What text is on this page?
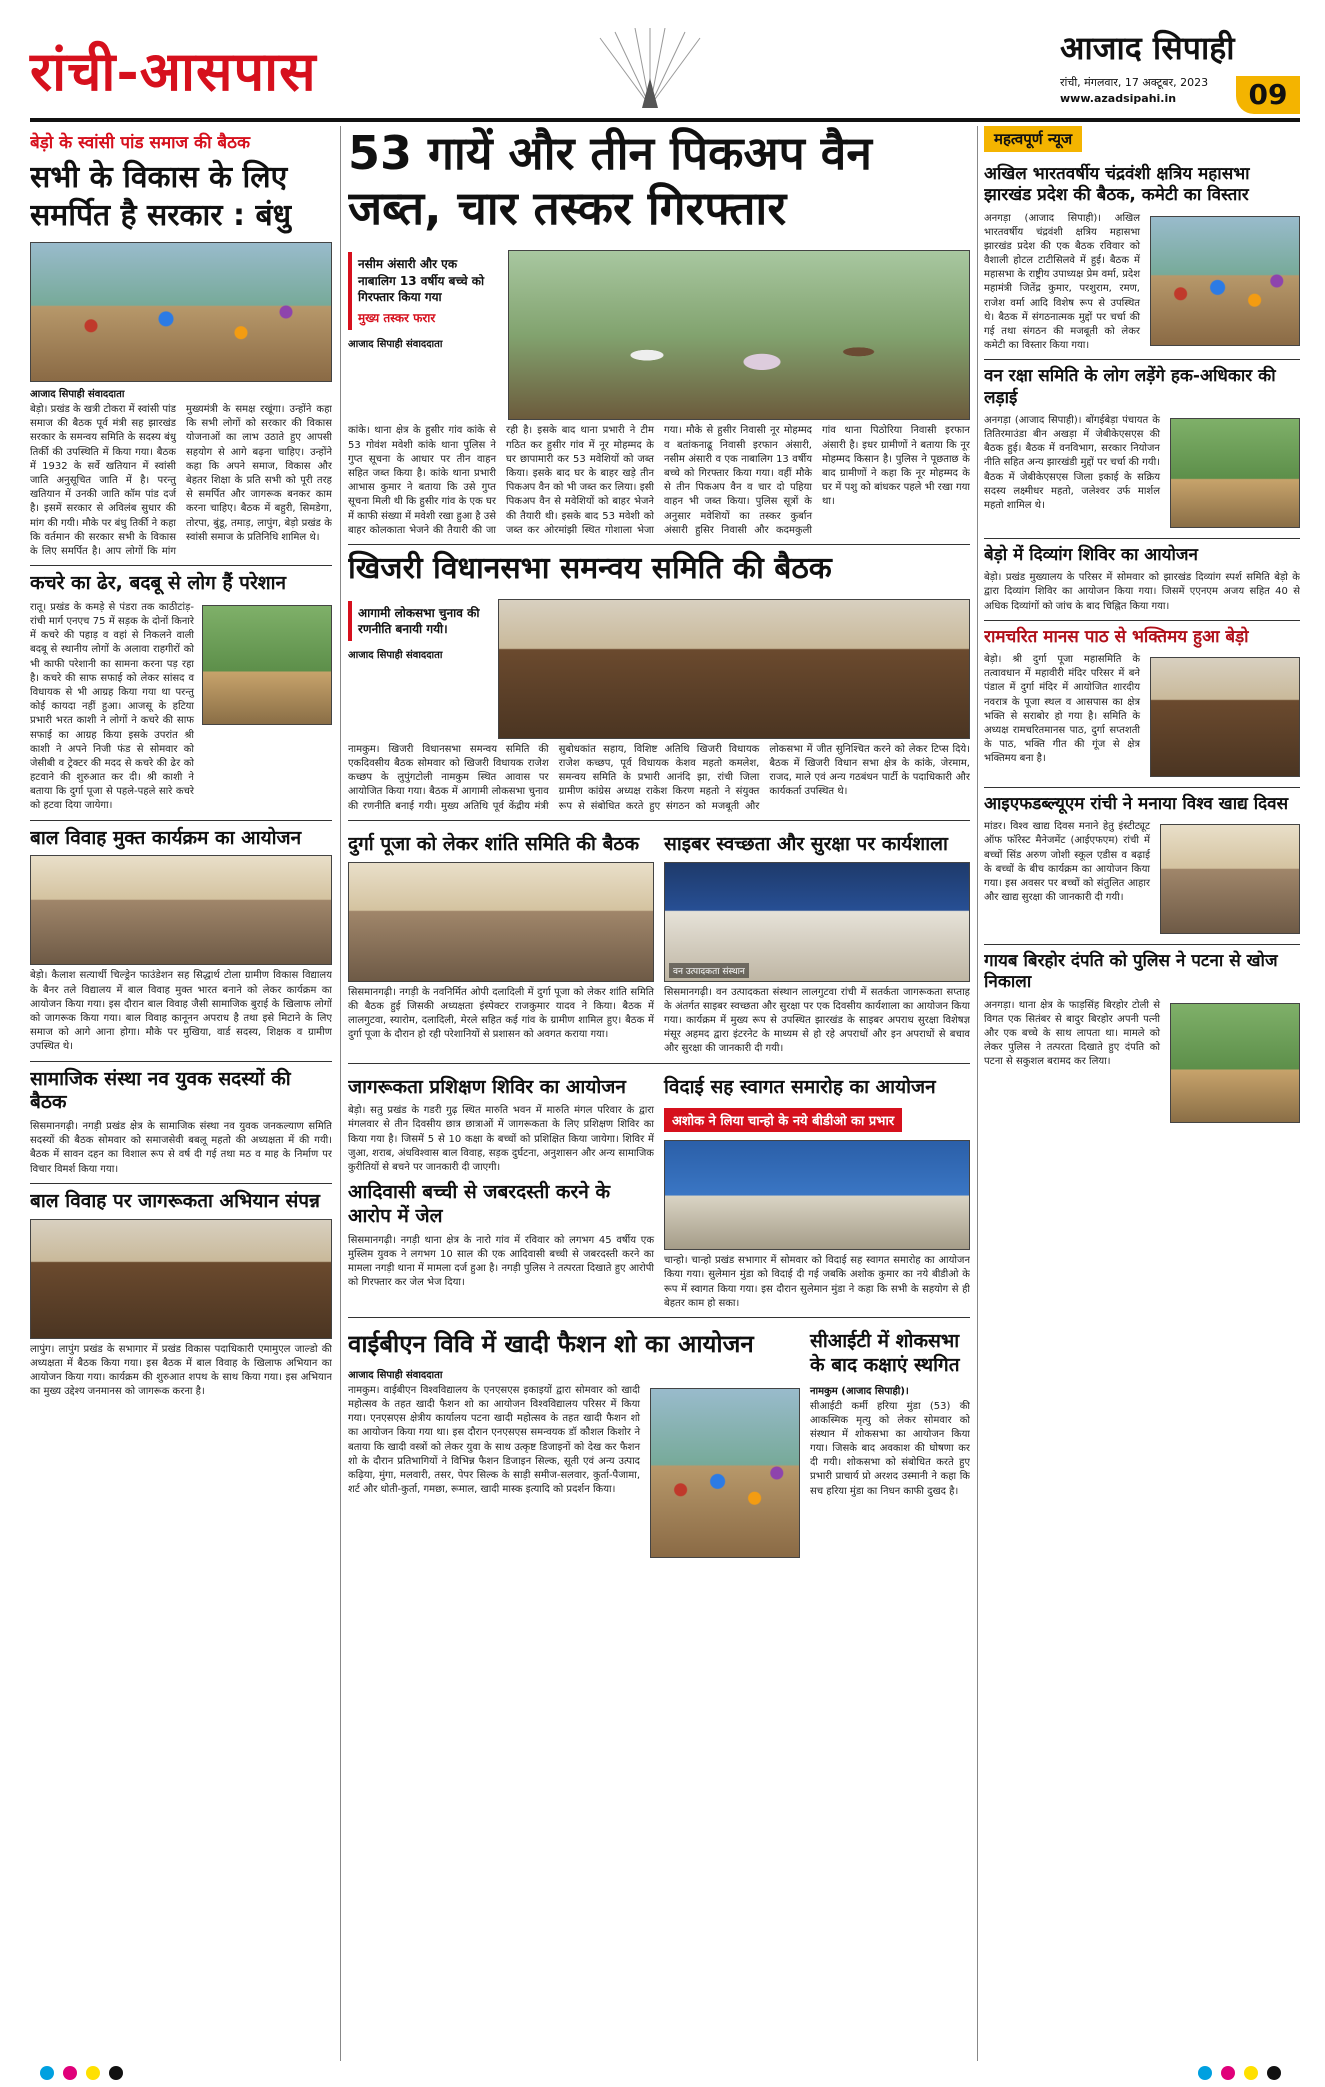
रांची-आसपास	आजाद सिपाही
रांची, मंगलवार, 17 अक्टूबर, 2023
www.azadsipahi.in	09
बेड़ो के स्वांसी पांड समाज की बैठक
सभी के विकास के लिए समर्पित है सरकार : बंधु
आजाद सिपाही संवाददाता
बेड़ो। प्रखंड के खत्री टोकरा में स्वांसी पांड समाज की बैठक पूर्व मंत्री सह झारखंड सरकार के समन्वय समिति के सदस्य बंधु तिर्की की उपस्थिति में किया गया। बैठक में 1932 के सर्वे खतियान में स्वांसी जाति अनुसूचित जाति में है। परन्तु खतियान में उनकी जाति कॉम पांड दर्ज है। इसमें सरकार से अविलंब सुधार की मांग की गयी। मौके पर बंधु तिर्की ने कहा कि वर्तमान की सरकार सभी के विकास के लिए समर्पित है। आप लोगों कि मांग मुख्यमंत्री के समक्ष रखूंगा। उन्होंने कहा कि सभी लोगों को सरकार की विकास योजनाओं का लाभ उठाते हुए आपसी सहयोग से आगे बढ़ना चाहिए। उन्होंने कहा कि अपने समाज, विकास और बेहतर शिक्षा के प्रति सभी को पूरी तरह से समर्पित और जागरूक बनकर काम करना चाहिए। बैठक में बहुरी, सिमडेगा, तोरपा, बुंडू, तमाड़, लापुंग, बेड़ो प्रखंड के स्वांसी समाज के प्रतिनिधि शामिल थे।
कचरे का ढेर, बदबू से लोग हैं परेशान
रातू। प्रखंड के कमड़े से पंडरा तक काठीटांड़- रांची मार्ग एनएच 75 में सड़क के दोनों किनारे में कचरे की पहाड़ व वहां से निकलने वाली बदबू से स्थानीय लोगों के अलावा राहगीरों को भी काफी परेशानी का सामना करना पड़ रहा है। कचरे की साफ सफाई को लेकर सांसद व विधायक से भी आग्रह किया गया था परन्तु कोई कायदा नहीं हुआ। आजसू के हटिया प्रभारी भरत काशी ने लोगों ने कचरे की साफ सफाई का आग्रह किया इसके उपरांत श्री काशी ने अपने निजी फंड से सोमवार को जेसीबी व ट्रेक्टर की मदद से कचरे की ढेर को हटवाने की शुरुआत कर दी। श्री काशी ने बताया कि दुर्गा पूजा से पहले-पहले सारे कचरे को हटवा दिया जायेगा।
बाल विवाह मुक्त कार्यक्रम का आयोजन
बेड़ो। कैलाश सत्यार्थी चिल्ड्रेन फाउंडेशन सह सिद्धार्थ टोला ग्रामीण विकास विद्यालय के बैनर तले विद्यालय में बाल विवाह मुक्त भारत बनाने को लेकर कार्यक्रम का आयोजन किया गया। इस दौरान बाल विवाह जैसी सामाजिक बुराई के खिलाफ लोगों को जागरूक किया गया। बाल विवाह कानूनन अपराध है तथा इसे मिटाने के लिए समाज को आगे आना होगा। मौके पर मुखिया, वार्ड सदस्य, शिक्षक व ग्रामीण उपस्थित थे।
सामाजिक संस्था नव युवक सदस्यों की बैठक
सिसमानगढ़ी। नगड़ी प्रखंड क्षेत्र के सामाजिक संस्था नव युवक जनकल्याण समिति सदस्यों की बैठक सोमवार को समाजसेवी बबलू महतो की अध्यक्षता में की गयी। बैठक में सावन दहन का विशाल रूप से वर्ष दी गई तथा मठ व माह के निर्माण पर विचार विमर्श किया गया।
बाल विवाह पर जागरूकता अभियान संपन्न
लापुंग। लापुंग प्रखंड के सभागार में प्रखंड विकास पदाधिकारी एमामुएल जाल्डो की अध्यक्षता में बैठक किया गया। इस बैठक में बाल विवाह के खिलाफ अभियान का आयोजन किया गया। कार्यक्रम की शुरुआत शपथ के साथ किया गया। इस अभियान का मुख्य उद्देश्य जनमानस को जागरूक करना है।
53 गायें और तीन पिकअप वैन जब्त, चार तस्कर गिरफ्तार

नसीम अंसारी और एक नाबालिग 13 वर्षीय बच्चे को गिरफ्तार किया गया

मुख्य तस्कर फरार
आजाद सिपाही संवाददाता
कांके। थाना क्षेत्र के हुसीर गांव कांके से 53 गोवंश मवेशी कांके थाना पुलिस ने गुप्त सूचना के आधार पर तीन वाहन सहित जब्त किया है। कांके थाना प्रभारी आभास कुमार ने बताया कि उसे गुप्त सूचना मिली थी कि हुसीर गांव के एक घर में काफी संख्या में मवेशी रखा हुआ है उसे बाहर कोलकाता भेजने की तैयारी की जा रही है। इसके बाद थाना प्रभारी ने टीम गठित कर हुसीर गांव में नूर मोहम्मद के घर छापामारी कर 53 मवेशियों को जब्त किया। इसके बाद घर के बाहर खड़े तीन पिकअप वैन को भी जब्त कर लिया। इसी पिकअप वैन से मवेशियों को बाहर भेजने की तैयारी थी। इसके बाद 53 मवेशी को जब्त कर ओरमांझी स्थित गोशाला भेजा गया। मौके से हुसीर निवासी नूर मोहम्मद व बतांकनाढू निवासी इरफान अंसारी, नसीम अंसारी व एक नाबालिग 13 वर्षीय बच्चे को गिरफ्तार किया गया। वहीं मौके से तीन पिकअप वैन व चार दो पहिया वाहन भी जब्त किया। पुलिस सूत्रों के अनुसार मवेशियों का तस्कर कुर्बान अंसारी हुसिर निवासी और कदमकुली गांव थाना पिठोरिया निवासी इरफान अंसारी है। इधर ग्रामीणों ने बताया कि नूर मोहम्मद किसान है। पुलिस ने पूछताछ के बाद ग्रामीणों ने कहा कि नूर मोहम्मद के घर में पशु को बांधकर पहले भी रखा गया था।
खिजरी विधानसभा समन्वय समिति की बैठक

आगामी लोकसभा चुनाव की रणनीति बनायी गयी।

आजाद सिपाही संवाददाता
नामकुम। खिजरी विधानसभा समन्वय समिति की एकदिवसीय बैठक सोमवार को खिजरी विधायक राजेश कच्छप के लुपुंगटोली नामकुम स्थित आवास पर आयोजित किया गया। बैठक में आगामी लोकसभा चुनाव की रणनीति बनाई गयी। मुख्य अतिथि पूर्व केंद्रीय मंत्री सुबोधकांत सहाय, विशिष्ट अतिथि खिजरी विधायक राजेश कच्छप, पूर्व विधायक केशव महतो कमलेश, समन्वय समिति के प्रभारी आनंदि झा, रांची जिला ग्रामीण कांग्रेस अध्यक्ष राकेश किरण महतो ने संयुक्त रूप से संबोधित करते हुए संगठन को मजबूती और लोकसभा में जीत सुनिश्चित करने को लेकर टिप्स दिये। बैठक में खिजरी विधान सभा क्षेत्र के कांके, जेरमाम, राजद, माले एवं अन्य गठबंधन पार्टी के पदाधिकारी और कार्यकर्ता उपस्थित थे।
दुर्गा पूजा को लेकर शांति समिति की बैठक
सिसमानगढ़ी। नगड़ी के नवनिर्मित ओपी दलादिली में दुर्गा पूजा को लेकर शांति समिति की बैठक हुई जिसकी अध्यक्षता इंस्पेक्टर राजकुमार यादव ने किया। बैठक में लालगुटवा, स्यारोम, दलादिली, मेरले सहित कई गांव के ग्रामीण शामिल हुए। बैठक में दुर्गा पूजा के दौरान हो रही परेशानियों से प्रशासन को अवगत कराया गया।
साइबर स्वच्छता और सुरक्षा पर कार्यशाला
वन उत्पादकता संस्थान
सिसमानगढ़ी। वन उत्पादकता संस्थान लालगुटवा रांची में सतर्कता जागरूकता सप्ताह के अंतर्गत साइबर स्वच्छता और सुरक्षा पर एक दिवसीय कार्यशाला का आयोजन किया गया। कार्यक्रम में मुख्य रूप से उपस्थित झारखंड के साइबर अपराध सुरक्षा विशेषज्ञ मंसूर अहमद द्वारा इंटरनेट के माध्यम से हो रहे अपराधों और इन अपराधों से बचाव और सुरक्षा की जानकारी दी गयी।
जागरूकता प्रशिक्षण शिविर का आयोजन
बेड़ो। सतु प्रखंड के गडरी गुढ़ स्थित मारुति भवन में मारुति मंगल परिवार के द्वारा मंगलवार से तीन दिवसीय छात्र छात्राओं में जागरूकता के लिए प्रशिक्षण शिविर का किया गया है। जिसमें 5 से 10 कक्षा के बच्चों को प्रशिक्षित किया जायेगा। शिविर में जुआ, शराब, अंधविश्वास बाल विवाह, सड़क दुर्घटना, अनुशासन और अन्य सामाजिक कुरीतियों से बचने पर जानकारी दी जाएगी।
आदिवासी बच्ची से जबरदस्ती करने के आरोप में जेल
सिसमानगढ़ी। नगड़ी थाना क्षेत्र के नारो गांव में रविवार को लगभग 45 वर्षीय एक मुस्लिम युवक ने लगभग 10 साल की एक आदिवासी बच्ची से जबरदस्ती करने का मामला नगड़ी थाना में मामला दर्ज हुआ है। नगड़ी पुलिस ने तत्परता दिखाते हुए आरोपी को गिरफ्तार कर जेल भेज दिया।
विदाई सह स्वागत समारोह का आयोजन
अशोक ने लिया चान्हो के नये बीडीओ का प्रभार
चान्हो। चान्हो प्रखंड सभागार में सोमवार को विदाई सह स्वागत समारोह का आयोजन किया गया। सुलेमान मुंडा को विदाई दी गई जबकि अशोक कुमार का नये बीडीओ के रूप में स्वागत किया गया। इस दौरान सुलेमान मुंडा ने कहा कि सभी के सहयोग से ही बेहतर काम हो सका।
वाईबीएन विवि में खादी फैशन शो का आयोजन
आजाद सिपाही संवाददाता
नामकुम। वाईबीएन विश्वविद्यालय के एनएसएस इकाइयों द्वारा सोमवार को खादी महोत्सव के तहत खादी फैशन शो का आयोजन विश्वविद्यालय परिसर में किया गया। एनएसएस क्षेत्रीय कार्यालय पटना खादी महोत्सव के तहत खादी फैशन शो का आयोजन किया गया था। इस दौरान एनएसएस समन्वयक डॉ कौशल किशोर ने बताया कि खादी वस्त्रों को लेकर युवा के साथ उत्कृष्ट डिजाइनों को देख कर फैशन शो के दौरान प्रतिभागियों ने विभिन्न फैशन डिजाइन सिल्क, सूती एवं अन्य उत्पाद कढ़िया, मुंगा, मलवारी, तसर, पेपर सिल्क के साड़ी समीज-सलवार, कुर्ता-पैजामा, शर्ट और धोती-कुर्ता, गमछा, रूमाल, खादी मास्क इत्यादि को प्रदर्शन किया।
सीआईटी में शोकसभा के बाद कक्षाएं स्थगित
नामकुम (आजाद सिपाही)।
सीआईटी कर्मी हरिया मुंडा (53) की आकस्मिक मृत्यु को लेकर सोमवार को संस्थान में शोकसभा का आयोजन किया गया। जिसके बाद अवकाश की घोषणा कर दी गयी। शोकसभा को संबोधित करते हुए प्रभारी प्राचार्य प्रो अरशद उस्मानी ने कहा कि सच हरिया मुंडा का निधन काफी दुखद है।
महत्वपूर्ण न्यूज
अखिल भारतवर्षीय चंद्रवंशी क्षत्रिय महासभा झारखंड प्रदेश की बैठक, कमेटी का विस्तार
अनगड़ा (आजाद सिपाही)। अखिल भारतवर्षीय चंद्रवंशी क्षत्रिय महासभा झारखंड प्रदेश की एक बैठक रविवार को वैशाली होटल टाटीसिलवे में हुई। बैठक में महासभा के राष्ट्रीय उपाध्यक्ष प्रेम वर्मा, प्रदेश महामंत्री जितेंद्र कुमार, परशुराम, रमण, राजेश वर्मा आदि विशेष रूप से उपस्थित थे। बैठक में संगठनात्मक मुद्दों पर चर्चा की गई तथा संगठन की मजबूती को लेकर कमेटी का विस्तार किया गया।
वन रक्षा समिति के लोग लड़ेंगे हक-अधिकार की लड़ाई
अनगड़ा (आजाद सिपाही)। बोंगईबेड़ा पंचायत के तितिरमाउंडा बीन अखड़ा में जेबीकेएसएस की बैठक हुई। बैठक में वनविभाग, सरकार नियोजन नीति सहित अन्य झारखंडी मुद्दों पर चर्चा की गयी। बैठक में जेबीकेएसएस जिला इकाई के सक्रिय सदस्य लक्ष्मीधर महतो, जलेश्वर उर्फ मार्शल महतो शामिल थे।
बेड़ो में दिव्यांग शिविर का आयोजन
बेड़ो। प्रखंड मुख्यालय के परिसर में सोमवार को झारखंड दिव्यांग स्पर्श समिति बेड़ो के द्वारा दिव्यांग शिविर का आयोजन किया गया। जिसमें एएनएम अजय सहित 40 से अधिक दिव्यांगों को जांच के बाद चिह्नित किया गया।
रामचरित मानस पाठ से भक्तिमय हुआ बेड़ो
बेड़ो। श्री दुर्गा पूजा महासमिति के तत्वावधान में महावीरी मंदिर परिसर में बने पंडाल में दुर्गा मंदिर में आयोजित शारदीय नवरात्र के पूजा स्थल व आसपास का क्षेत्र भक्ति से सराबोर हो गया है। समिति के अध्यक्ष रामचरितमानस पाठ, दुर्गा सप्तशती के पाठ, भक्ति गीत की गूंज से क्षेत्र भक्तिमय बना है।
आइएफडब्ल्यूएम रांची ने मनाया विश्व खाद्य दिवस
मांडर। विश्व खाद्य दिवस मनाने हेतु इंस्टीट्यूट ऑफ फॉरेस्ट मैनेजमेंट (आईएफएम) रांची में बच्चों सिंड अरुण जोशी स्कूल एडीस व बढ़ाई के बच्चों के बीच कार्यक्रम का आयोजन किया गया। इस अवसर पर बच्चों को संतुलित आहार और खाद्य सुरक्षा की जानकारी दी गयी।
गायब बिरहोर दंपति को पुलिस ने पटना से खोज निकाला
अनगड़ा। थाना क्षेत्र के फाड़सिंह बिरहोर टोली से विगत एक सितंबर से बादुर बिरहोर अपनी पत्नी और एक बच्चे के साथ लापता था। मामले को लेकर पुलिस ने तत्परता दिखाते हुए दंपति को पटना से सकुशल बरामद कर लिया।
